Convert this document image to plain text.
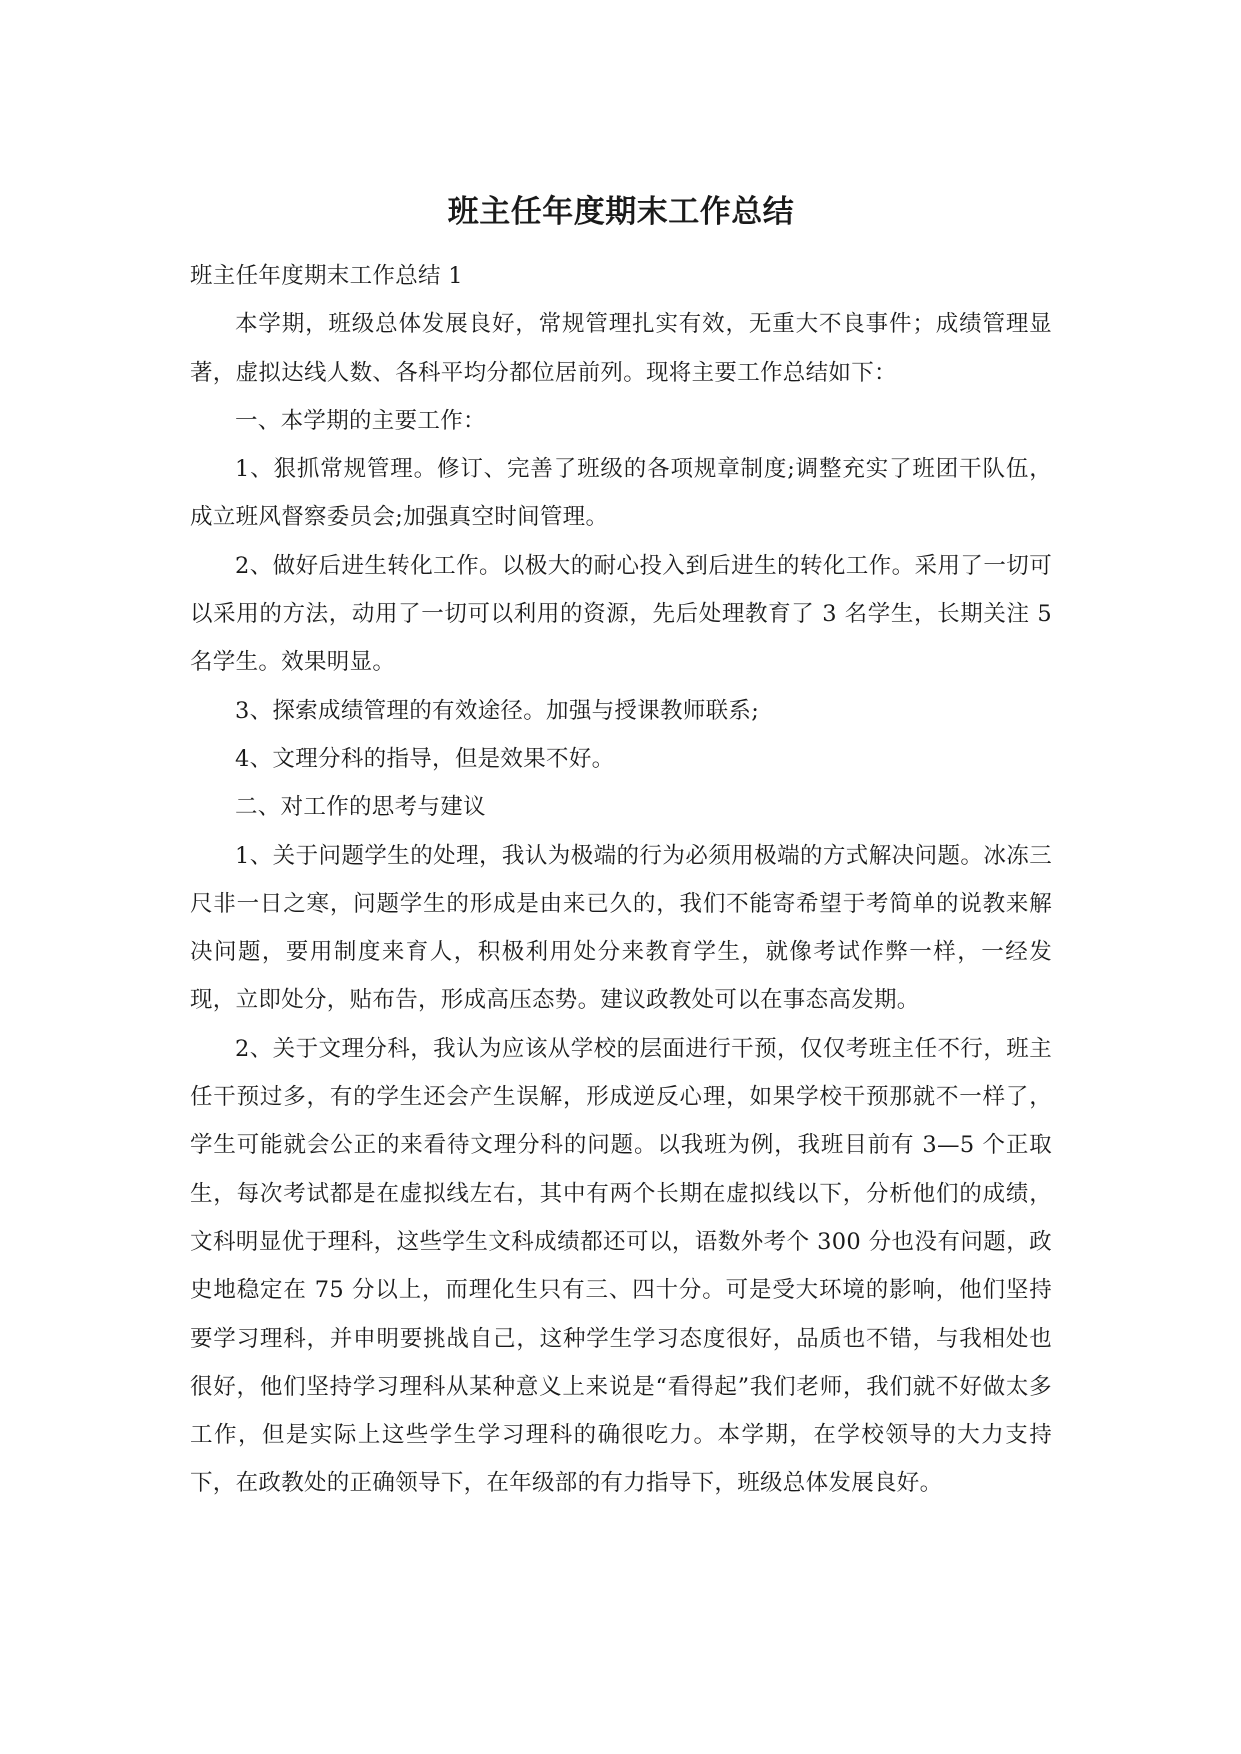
班主任年度期末工作总结

班主任年度期末工作总结 1

本学期，班级总体发展良好，常规管理扎实有效，无重大不良事件；成绩管理显著，虚拟达线人数、各科平均分都位居前列。现将主要工作总结如下：

一、本学期的主要工作：

1、狠抓常规管理。修订、完善了班级的各项规章制度;调整充实了班团干队伍，成立班风督察委员会;加强真空时间管理。

2、做好后进生转化工作。以极大的耐心投入到后进生的转化工作。采用了一切可以采用的方法，动用了一切可以利用的资源，先后处理教育了 3 名学生，长期关注 5 名学生。效果明显。

3、探索成绩管理的有效途径。加强与授课教师联系;

4、文理分科的指导，但是效果不好。

二、对工作的思考与建议

1、关于问题学生的处理，我认为极端的行为必须用极端的方式解决问题。冰冻三尺非一日之寒，问题学生的形成是由来已久的，我们不能寄希望于考简单的说教来解决问题，要用制度来育人，积极利用处分来教育学生，就像考试作弊一样，一经发现，立即处分，贴布告，形成高压态势。建议政教处可以在事态高发期。

2、关于文理分科，我认为应该从学校的层面进行干预，仅仅考班主任不行，班主任干预过多，有的学生还会产生误解，形成逆反心理，如果学校干预那就不一样了，学生可能就会公正的来看待文理分科的问题。以我班为例，我班目前有 3—5 个正取生，每次考试都是在虚拟线左右，其中有两个长期在虚拟线以下，分析他们的成绩，文科明显优于理科，这些学生文科成绩都还可以，语数外考个 300 分也没有问题，政史地稳定在 75 分以上，而理化生只有三、四十分。可是受大环境的影响，他们坚持要学习理科，并申明要挑战自己，这种学生学习态度很好，品质也不错，与我相处也很好，他们坚持学习理科从某种意义上来说是“看得起”我们老师，我们就不好做太多工作，但是实际上这些学生学习理科的确很吃力。本学期，在学校领导的大力支持下，在政教处的正确领导下，在年级部的有力指导下，班级总体发展良好。
